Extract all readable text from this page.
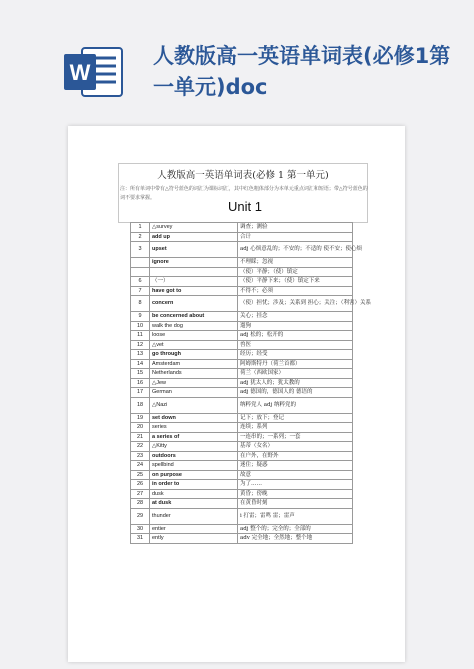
W
人教版高一英语单词表(必修1第一单元)doc
人教版高一英语单词表(必修 1 第一单元)
注：所有单词中带有△符号蓝色的词汇为课标词汇，其中红色粗体部分为本单元重点词汇和短语；带△符号蓝色的词不要求掌握。
Unit 1
1	△survey	调查；测验
2	add up	合计
3	upset	adj 心烦意乱的；不安的；不适的 使不安；使心烦
	ignore	不理睬；忽视
		（使）平静；（使）镇定
6	（一）	（使）平静下来；（使）镇定下来
7	have got to	不得不；必须
8	concern	（使）担忧；涉及；关系到 担心；关注；（利害）关系
9	be concerned about	关心；挂念
10	walk the dog	遛狗
11	loose	adj 松的；松开的
12	△vet	兽医
13	go through	经历；经受
14	Amsterdam	阿姆斯特丹（荷兰首都）
15	Netherlands	荷兰（西欧国家）
16	△Jew	adj 犹太人的；犹太教的
17	German	adj 德国的，德国人的 德语的
18	△Nazi	纳粹党人 adj 纳粹党的
19	set down	记下；放下；登记
20	series	连续；系列
21	a series of	一连串的；一系列；一套
22	△Kitty	基蒂（女名）
23	outdoors	在户外，在野外
24	spellbind	迷住；疑惑
25	on purpose	故意
26	in order to	为了……
27	dusk	黄昏；傍晚
28	at dusk	在黄昏时刻
29	thunder	i 打雷；雷鸣 雷；雷声
30	entier	adj 整个的；完全的；全部的
31	ently	adv 完全地；全然地；整个地
